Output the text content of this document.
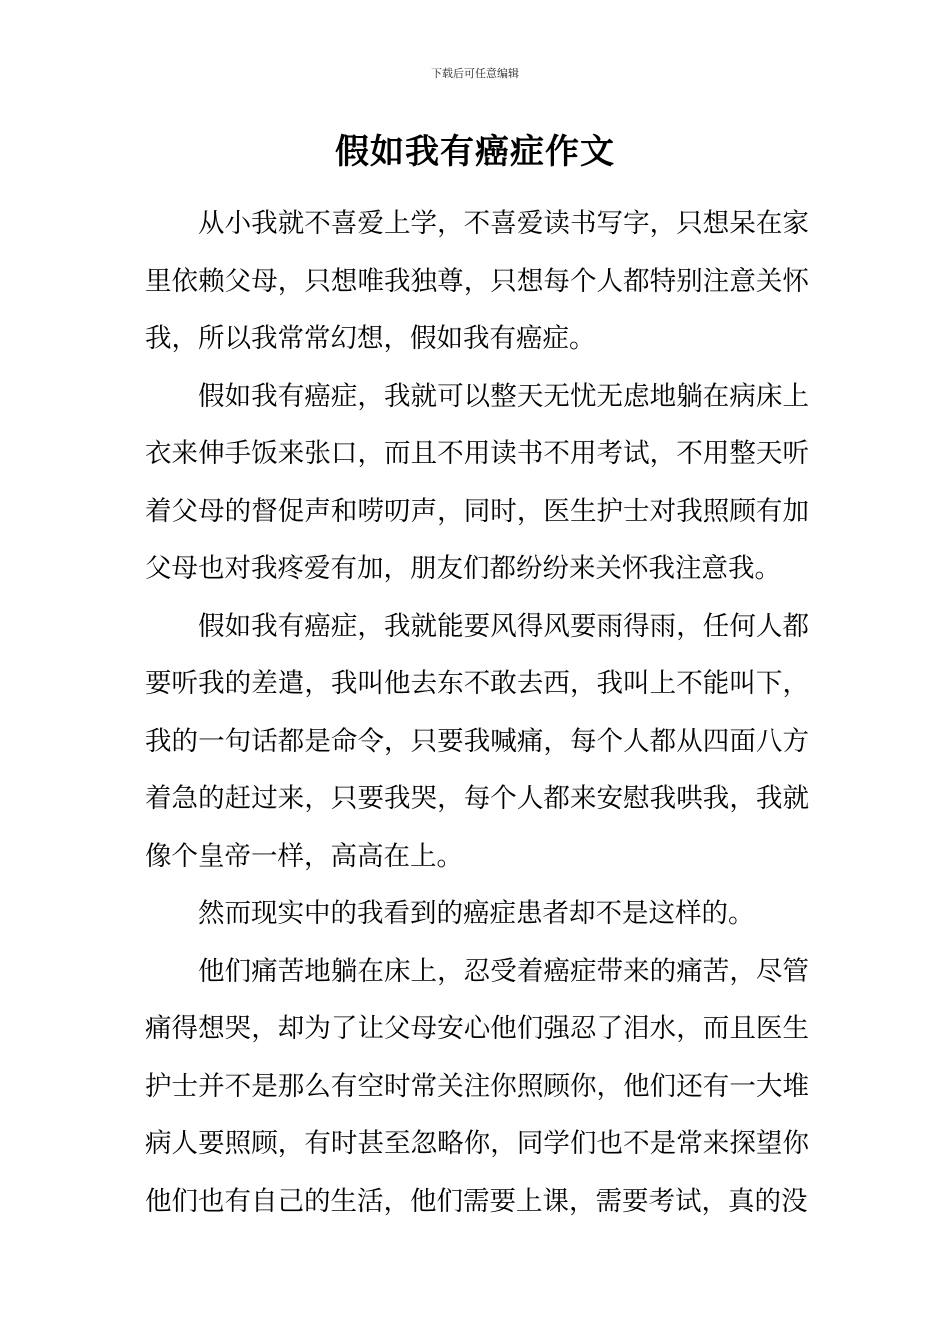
下载后可任意编辑
假如我有癌症作文

从小我就不喜爱上学，不喜爱读书写字，只想呆在家里依赖父母，只想唯我独尊，只想每个人都特别注意关怀我，所以我常常幻想，假如我有癌症。

假如我有癌症，我就可以整天无忧无虑地躺在病床上衣来伸手饭来张口，而且不用读书不用考试，不用整天听着父母的督促声和唠叨声，同时，医生护士对我照顾有加父母也对我疼爱有加，朋友们都纷纷来关怀我注意我。

假如我有癌症，我就能要风得风要雨得雨，任何人都要听我的差遣，我叫他去东不敢去西，我叫上不能叫下，我的一句话都是命令，只要我喊痛，每个人都从四面八方着急的赶过来，只要我哭，每个人都来安慰我哄我，我就像个皇帝一样，高高在上。

然而现实中的我看到的癌症患者却不是这样的。

他们痛苦地躺在床上，忍受着癌症带来的痛苦，尽管痛得想哭，却为了让父母安心他们强忍了泪水，而且医生护士并不是那么有空时常关注你照顾你，他们还有一大堆病人要照顾，有时甚至忽略你，同学们也不是常来探望你他们也有自己的生活，他们需要上课，需要考试，真的没
